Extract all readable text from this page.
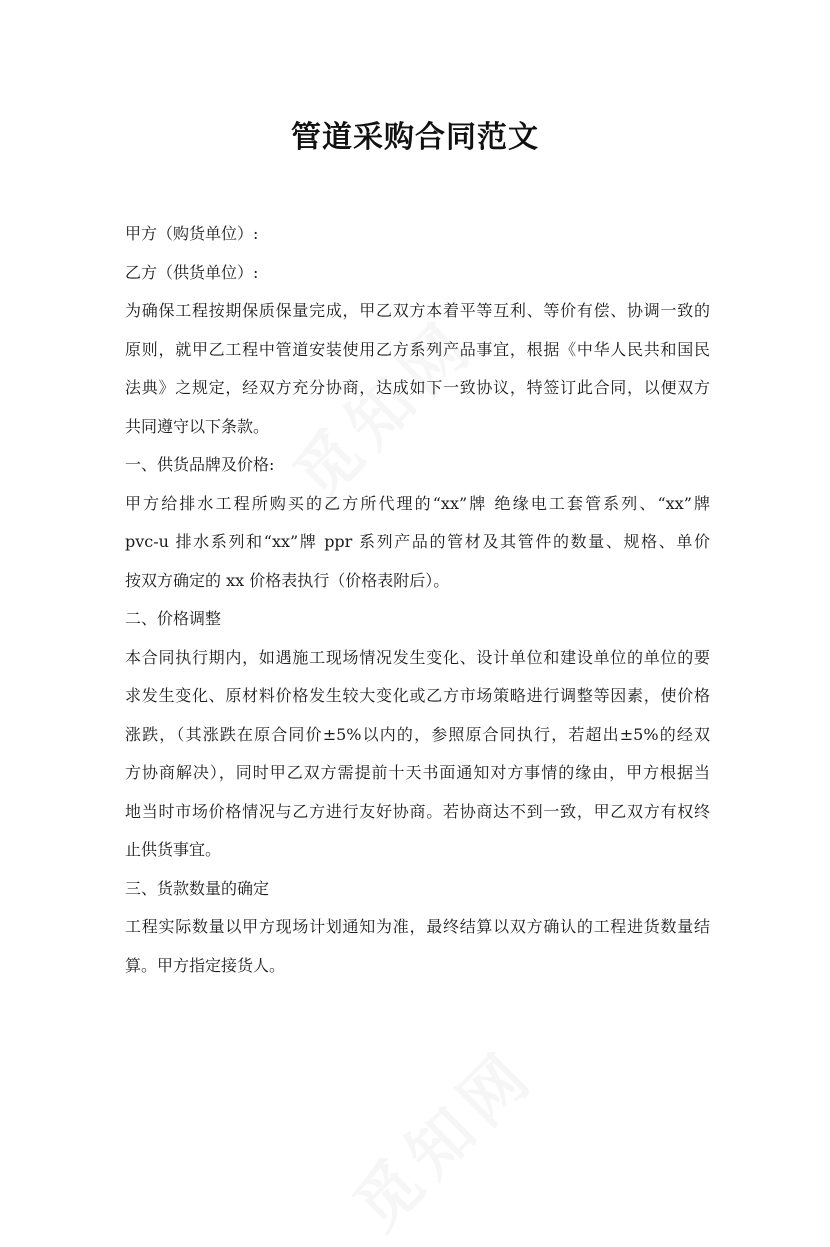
管道采购合同范文
甲方（购货单位）:
乙方（供货单位）:
为确保工程按期保质保量完成，甲乙双方本着平等互利、等价有偿、协调一致的
原则，就甲乙工程中管道安装使用乙方系列产品事宜，根据《中华人民共和国民
法典》之规定，经双方充分协商，达成如下一致协议，特签订此合同，以便双方
共同遵守以下条款。
一、供货品牌及价格:
甲方给排水工程所购买的乙方所代理的“xx”牌 绝缘电工套管系列、“xx”牌
pvc-u 排水系列和“xx”牌 ppr 系列产品的管材及其管件的数量、规格、单价
按双方确定的 xx 价格表执行（价格表附后）。
二、价格调整
本合同执行期内，如遇施工现场情况发生变化、设计单位和建设单位的单位的要
求发生变化、原材料价格发生较大变化或乙方市场策略进行调整等因素，使价格
涨跌，（其涨跌在原合同价±5%以内的，参照原合同执行，若超出±5%的经双
方协商解决），同时甲乙双方需提前十天书面通知对方事情的缘由，甲方根据当
地当时市场价格情况与乙方进行友好协商。若协商达不到一致，甲乙双方有权终
止供货事宜。
三、货款数量的确定
工程实际数量以甲方现场计划通知为准，最终结算以双方确认的工程进货数量结
算。甲方指定接货人。
